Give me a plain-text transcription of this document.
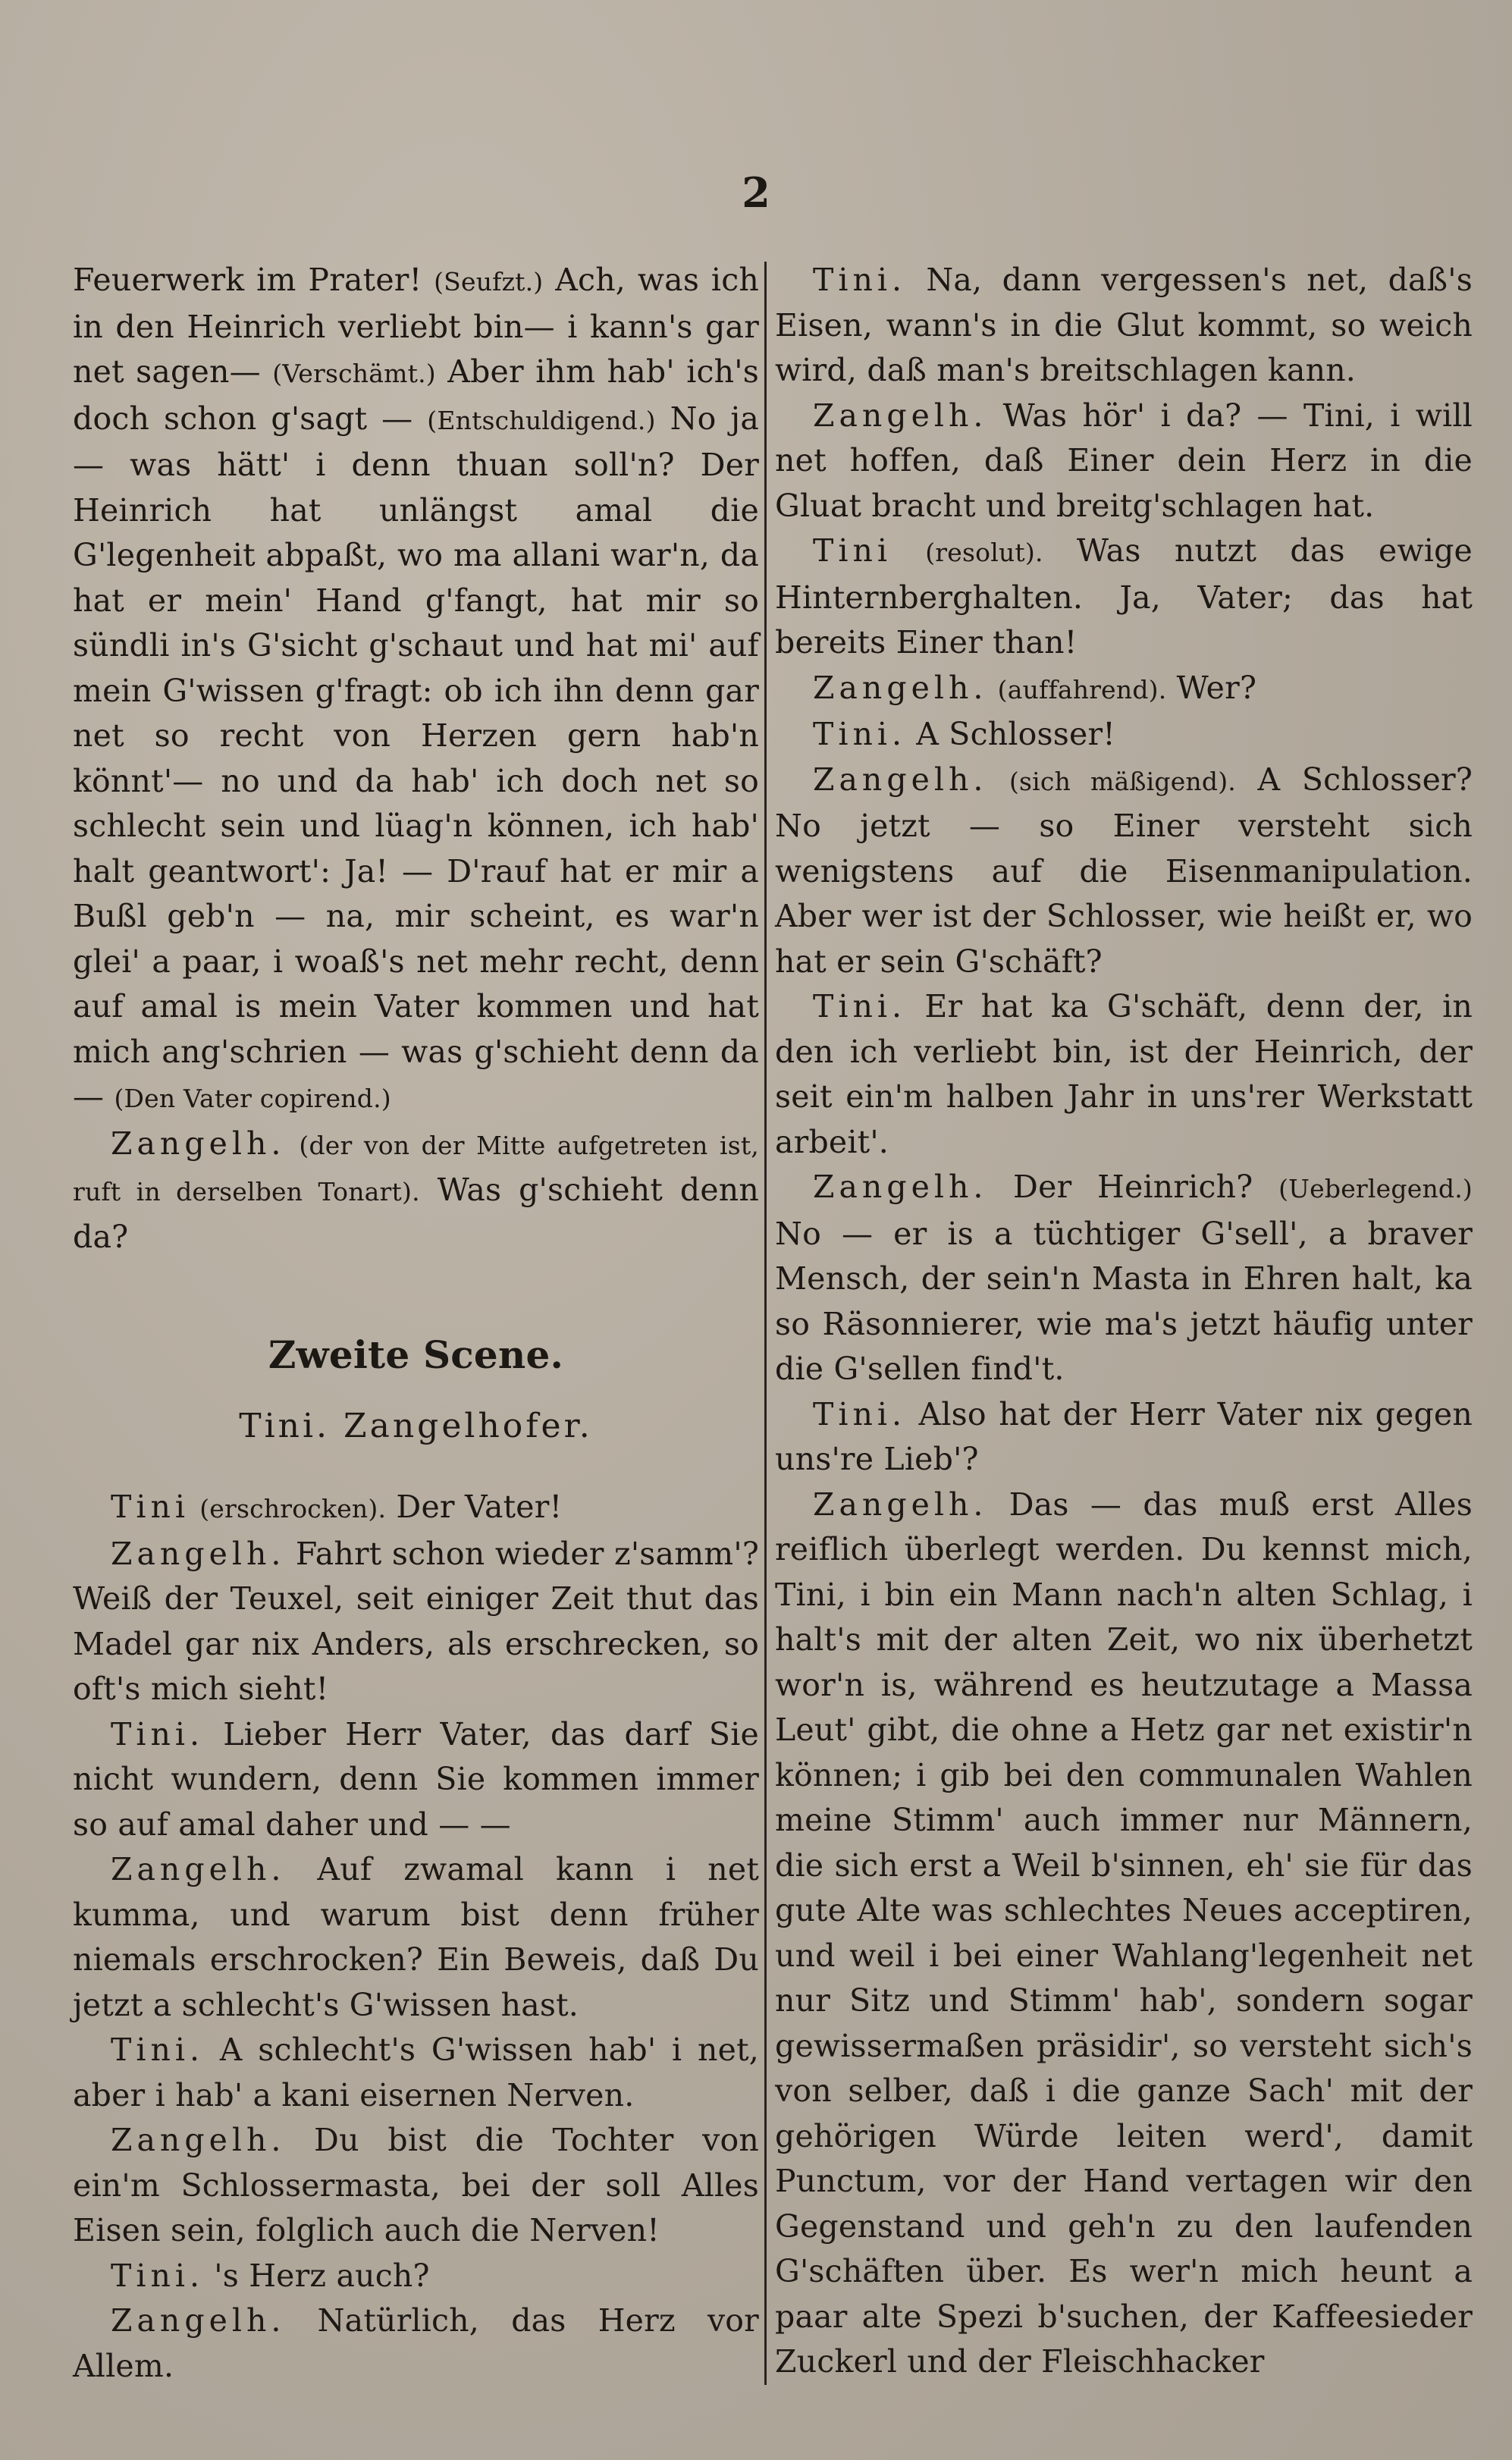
2

Feuerwerk im Prater! (Seufzt.) Ach, was ich in den Heinrich verliebt bin— i kann's gar net sagen— (Verschämt.) Aber ihm hab' ich's doch schon g'sagt — (Entschuldigend.) No ja — was hätt' i denn thuan soll'n? Der Heinrich hat unlängst amal die G'legenheit abpaßt, wo ma allani war'n, da hat er mein' Hand g'fangt, hat mir so sündli in's G'sicht g'schaut und hat mi' auf mein G'wissen g'fragt: ob ich ihn denn gar net so recht von Herzen gern hab'n könnt'— no und da hab' ich doch net so schlecht sein und lüag'n können, ich hab' halt geantwort': Ja! — D'rauf hat er mir a Bußl geb'n — na, mir scheint, es war'n glei' a paar, i woaß's net mehr recht, denn auf amal is mein Vater kommen und hat mich ang'schrien — was g'schieht denn da — (Den Vater copirend.)

Zangelh. (der von der Mitte aufgetreten ist, ruft in derselben Tonart). Was g'schieht denn da?

Zweite Scene.

Tini. Zangelhofer.

Tini (erschrocken). Der Vater!

Zangelh. Fahrt schon wieder z'samm'? Weiß der Teuxel, seit einiger Zeit thut das Madel gar nix Anders, als erschrecken, so oft's mich sieht!

Tini. Lieber Herr Vater, das darf Sie nicht wundern, denn Sie kommen immer so auf amal daher und — —

Zangelh. Auf zwamal kann i net kumma, und warum bist denn früher niemals erschrocken? Ein Beweis, daß Du jetzt a schlecht's G'wissen hast.

Tini. A schlecht's G'wissen hab' i net, aber i hab' a kani eisernen Nerven.

Zangelh. Du bist die Tochter von ein'm Schlossermasta, bei der soll Alles Eisen sein, folglich auch die Nerven!

Tini. 's Herz auch?

Zangelh. Natürlich, das Herz vor Allem.

Tini. Na, dann vergessen's net, daß's Eisen, wann's in die Glut kommt, so weich wird, daß man's breitschlagen kann.

Zangelh. Was hör' i da? — Tini, i will net hoffen, daß Einer dein Herz in die Gluat bracht und breitg'schlagen hat.

Tini (resolut). Was nutzt das ewige Hinternberghalten. Ja, Vater; das hat bereits Einer than!

Zangelh. (auffahrend). Wer?

Tini. A Schlosser!

Zangelh. (sich mäßigend). A Schlosser? No jetzt — so Einer versteht sich wenigstens auf die Eisenmanipulation. Aber wer ist der Schlosser, wie heißt er, wo hat er sein G'schäft?

Tini. Er hat ka G'schäft, denn der, in den ich verliebt bin, ist der Heinrich, der seit ein'm halben Jahr in uns'rer Werkstatt arbeit'.

Zangelh. Der Heinrich? (Ueberlegend.) No — er is a tüchtiger G'sell', a braver Mensch, der sein'n Masta in Ehren halt, ka so Räsonnierer, wie ma's jetzt häufig unter die G'sellen find't.

Tini. Also hat der Herr Vater nix gegen uns're Lieb'?

Zangelh. Das — das muß erst Alles reiflich überlegt werden. Du kennst mich, Tini, i bin ein Mann nach'n alten Schlag, i halt's mit der alten Zeit, wo nix überhetzt wor'n is, während es heutzutage a Massa Leut' gibt, die ohne a Hetz gar net existir'n können; i gib bei den communalen Wahlen meine Stimm' auch immer nur Männern, die sich erst a Weil b'sinnen, eh' sie für das gute Alte was schlechtes Neues acceptiren, und weil i bei einer Wahlang'legenheit net nur Sitz und Stimm' hab', sondern sogar gewissermaßen präsidir', so versteht sich's von selber, daß i die ganze Sach' mit der gehörigen Würde leiten werd', damit Punctum, vor der Hand vertagen wir den Gegenstand und geh'n zu den laufenden G'schäften über. Es wer'n mich heunt a paar alte Spezi b'suchen, der Kaffeesieder Zuckerl und der Fleischhacker
